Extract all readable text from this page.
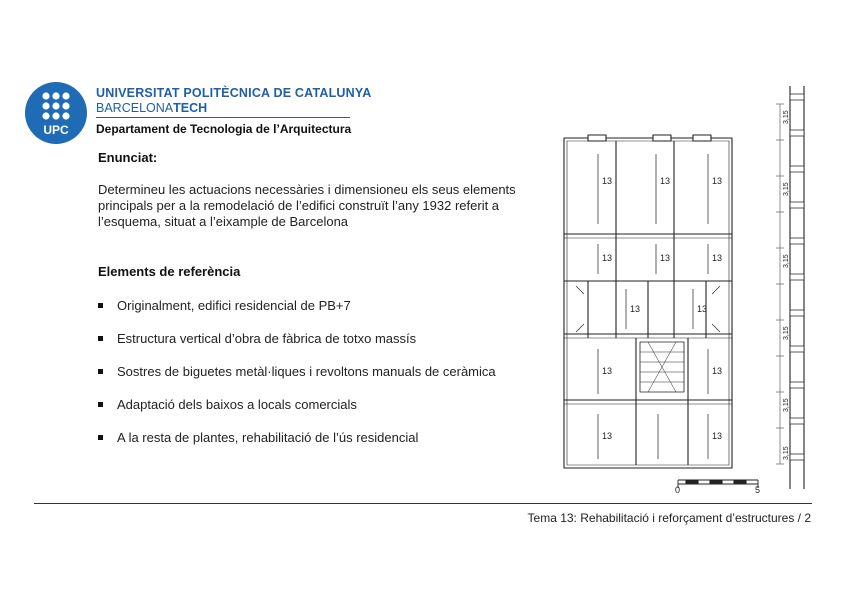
UPC
UNIVERSITAT POLITÈCNICA DE CATALUNYA
BARCELONATECH
Departament de Tecnologia de l’Arquitectura
Enunciat:
Determineu les actuacions necessàries i dimensioneu els seus elements principals per a la remodelació de l’edifici construït l’any 1932 referit a l’esquema, situat a l’eixample de Barcelona
Elements de referència
Originalment, edifici residencial de PB+7
Estructura vertical d’obra de fàbrica de totxo massís
Sostres de biguetes metàl·liques i revoltons manuals de ceràmica
Adaptació dels baixos a locals comercials
A la resta de plantes, rehabilitació de l’ús residencial
13	13	13
13	13	13
13	13
13	13
13	13
0	5
3,15
3,15
3,15
3,15
3,15
3,15
Tema 13: Rehabilitació i reforçament d’estructures / 2
